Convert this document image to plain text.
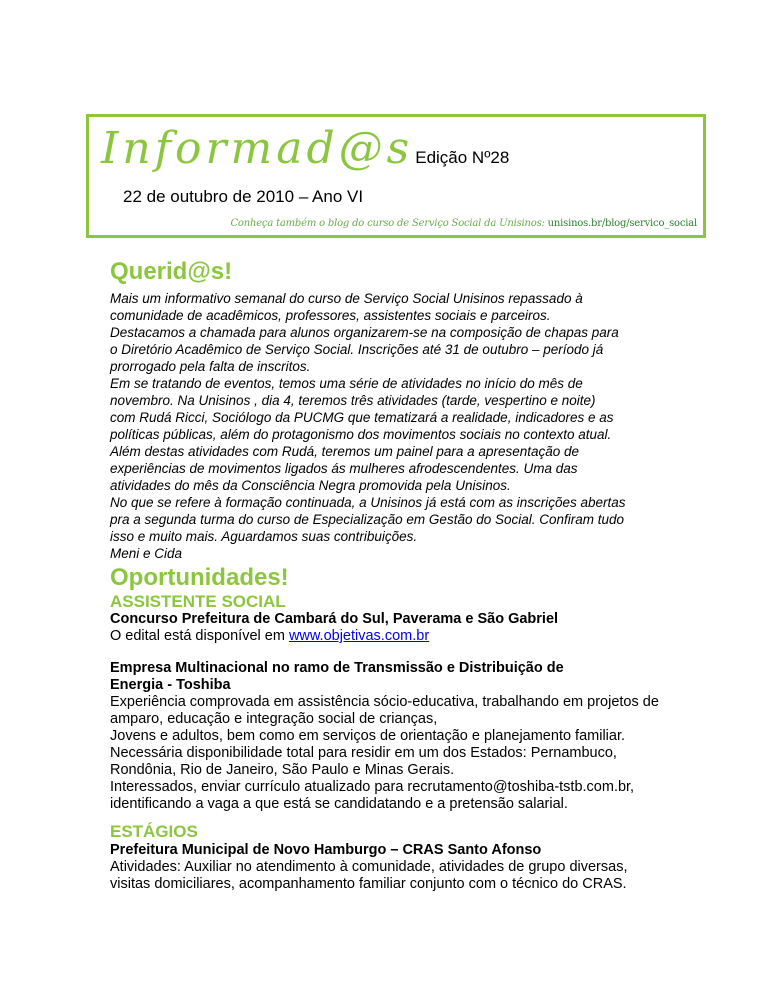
Informad@s Edição Nº28
22 de outubro de 2010 – Ano VI
Conheça também o blog do curso de Serviço Social da Unisinos: unisinos.br/blog/servico_social
Querid@s!

Mais um informativo semanal do curso de Serviço Social Unisinos repassado à

comunidade de acadêmicos, professores, assistentes sociais e parceiros.

Destacamos a chamada para alunos organizarem-se na composição de chapas para

o Diretório Acadêmico de Serviço Social. Inscrições até 31 de outubro – período já

prorrogado pela falta de inscritos.

Em se tratando de eventos, temos uma série de atividades no início do mês de

novembro. Na Unisinos , dia 4, teremos três atividades (tarde, vespertino e noite)

com Rudá Ricci, Sociólogo da PUCMG que tematizará a realidade, indicadores e as

políticas públicas, além do protagonismo dos movimentos sociais no contexto atual.

Além destas atividades com Rudá, teremos um painel para a apresentação de

experiências de movimentos ligados ás mulheres afrodescendentes. Uma das

atividades do mês da Consciência Negra promovida pela Unisinos.

No que se refere à formação continuada, a Unisinos já está com as inscrições abertas

pra a segunda turma do curso de Especialização em Gestão do Social. Confiram tudo

isso e muito mais. Aguardamos suas contribuições.

Meni e Cida

Oportunidades!
ASSISTENTE SOCIAL

Concurso Prefeitura de Cambará do Sul, Paverama e São Gabriel

O edital está disponível em www.objetivas.com.br

Empresa Multinacional no ramo de Transmissão e Distribuição de

Energia - Toshiba

Experiência comprovada em assistência sócio-educativa, trabalhando em projetos de

amparo, educação e integração social de crianças,

Jovens e adultos, bem como em serviços de orientação e planejamento familiar.

Necessária disponibilidade total para residir em um dos Estados: Pernambuco,

Rondônia, Rio de Janeiro, São Paulo e Minas Gerais.

Interessados, enviar currículo atualizado para recrutamento@toshiba-tstb.com.br,

identificando a vaga a que está se candidatando e a pretensão salarial.

ESTÁGIOS

Prefeitura Municipal de Novo Hamburgo – CRAS Santo Afonso

Atividades: Auxiliar no atendimento à comunidade, atividades de grupo diversas,

visitas domiciliares, acompanhamento familiar conjunto com o técnico do CRAS.
